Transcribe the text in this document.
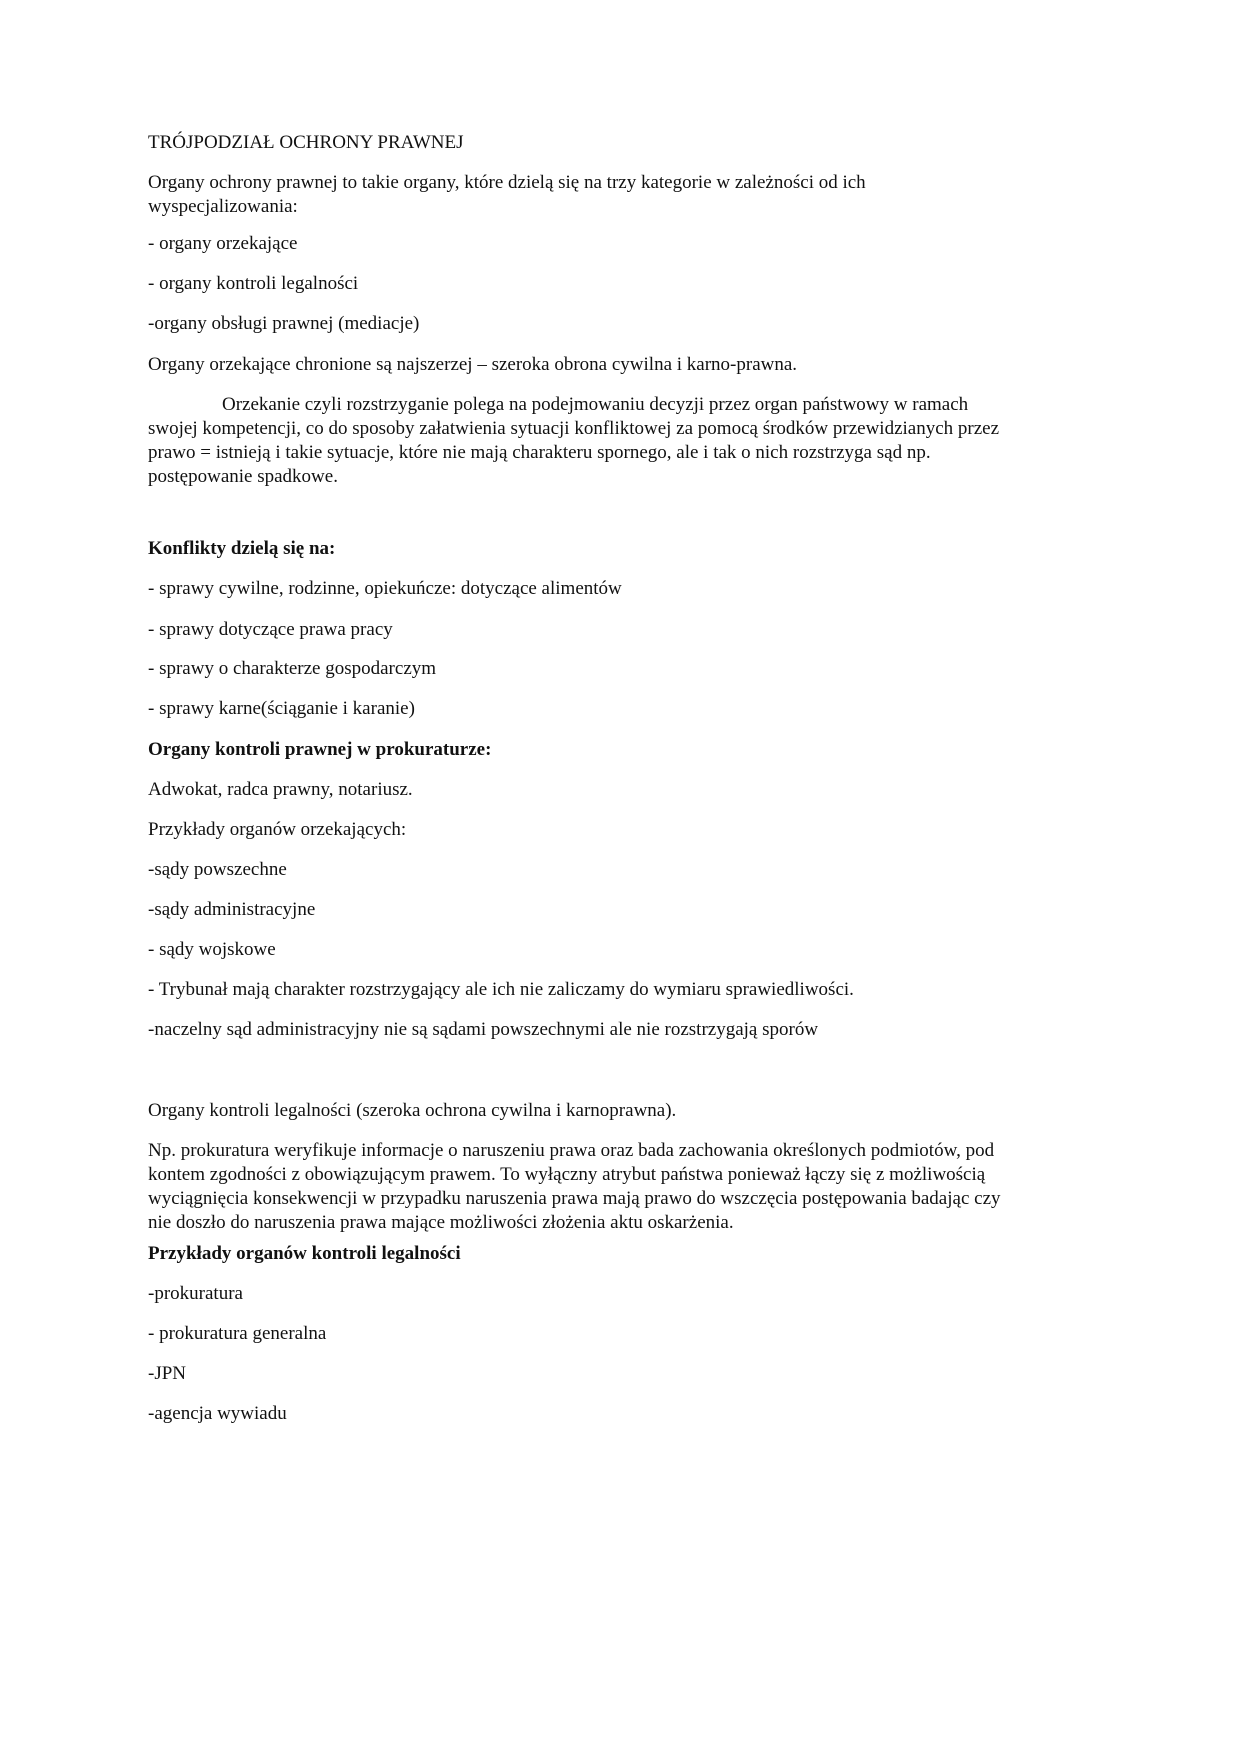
TRÓJPODZIAŁ OCHRONY PRAWNEJ
Organy ochrony prawnej to takie organy, które dzielą się na trzy kategorie w zależności od ich
wyspecjalizowania:
- organy orzekające
- organy kontroli legalności
-organy obsługi prawnej (mediacje)
Organy orzekające chronione są najszerzej – szeroka obrona cywilna i karno-prawna.
Orzekanie czyli rozstrzyganie polega na podejmowaniu decyzji przez organ państwowy w ramach
swojej kompetencji, co do sposoby załatwienia sytuacji konfliktowej za pomocą środków przewidzianych przez
prawo = istnieją i takie sytuacje, które nie mają charakteru spornego, ale i tak o nich rozstrzyga sąd np.
postępowanie spadkowe.
Konflikty dzielą się na:
- sprawy cywilne, rodzinne, opiekuńcze: dotyczące alimentów
- sprawy dotyczące prawa pracy
- sprawy o charakterze gospodarczym
- sprawy karne(ściąganie i karanie)
Organy kontroli prawnej w prokuraturze:
Adwokat, radca prawny, notariusz.
Przykłady organów orzekających:
-sądy powszechne
-sądy administracyjne
- sądy wojskowe
- Trybunał mają charakter rozstrzygający ale ich nie zaliczamy do wymiaru sprawiedliwości.
-naczelny sąd administracyjny nie są sądami powszechnymi ale nie rozstrzygają sporów
Organy kontroli legalności (szeroka ochrona cywilna i karnoprawna).
Np. prokuratura weryfikuje informacje o naruszeniu prawa oraz bada zachowania określonych podmiotów, pod
kontem zgodności z obowiązującym prawem. To wyłączny atrybut państwa ponieważ łączy się z możliwością
wyciągnięcia konsekwencji w przypadku naruszenia prawa mają prawo do wszczęcia postępowania badając czy
nie doszło do naruszenia prawa mające możliwości złożenia aktu oskarżenia.
Przykłady organów kontroli legalności
-prokuratura
- prokuratura generalna
-JPN
-agencja wywiadu
